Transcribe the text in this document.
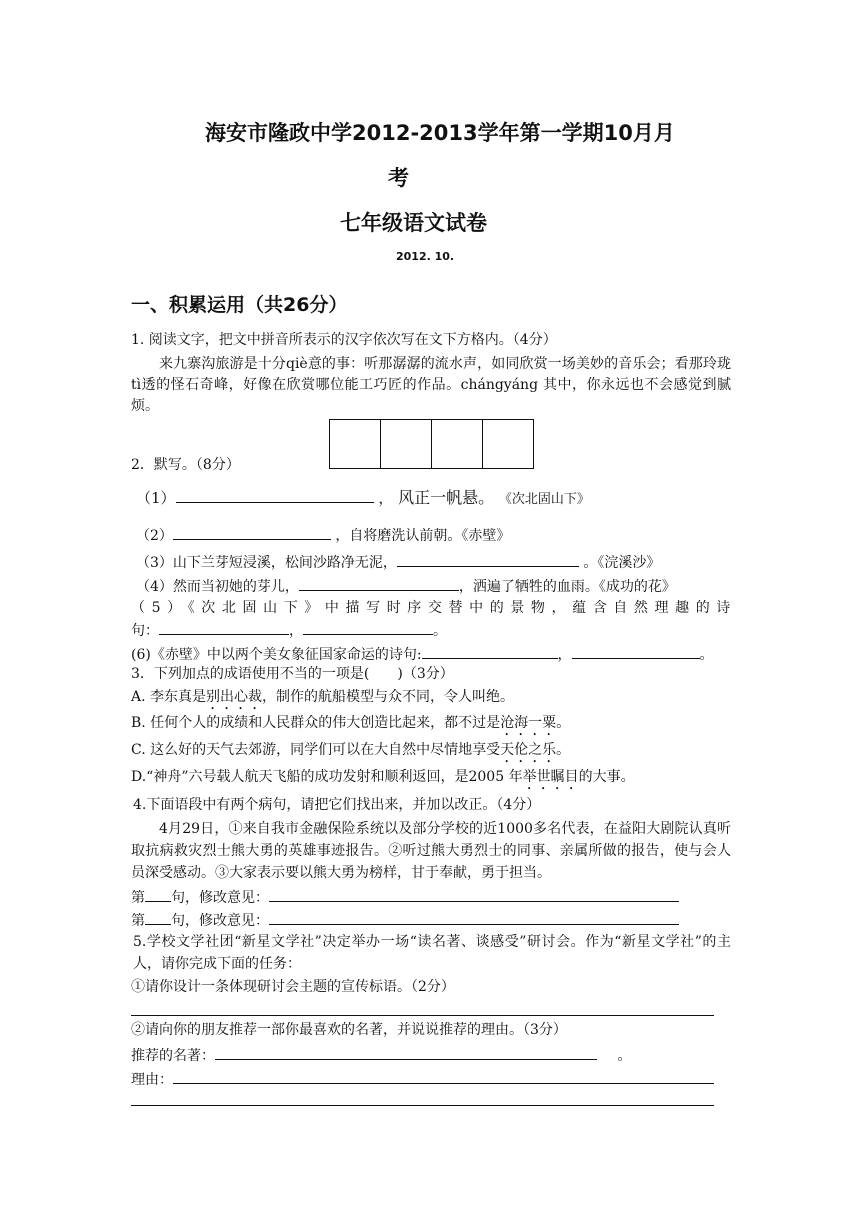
海安市隆政中学2012-2013学年第一学期10月月
考
七年级语文试卷
2012. 10.
一、积累运用（共26分）
1. 阅读文字，把文中拼音所表示的汉字依次写在文下方格内。（4分）
来九寨沟旅游是十分qiè意的事：听那潺潺的流水声，如同欣赏一场美妙的音乐会；看那玲珑tì透的怪石奇峰，好像在欣赏哪位能工巧匠的作品。chángyáng 其中，你永远也不会感觉到腻烦。
2．默写。（8分）
（1）	， 风正一帆悬。 《次北固山下》
（2）	，自将磨洗认前朝。《赤壁》
（3）山下兰芽短浸溪，松间沙路净无泥，	。《浣溪沙》
（4）然而当初她的芽儿，	，洒遍了牺牲的血雨。《成功的花》
（5）《次北固山下》中描写时序交替中的景物，蕴含自然理趣的诗
句：	，	。
(6)《赤壁》中以两个美女象征国家命运的诗句:	，	。
3．下列加点的成语使用不当的一项是(　　)（3分）
A. 李东真是别出心裁，制作的航船模型与众不同，令人叫绝。
B. 任何个人的成绩和人民群众的伟大创造比起来，都不过是沧海一粟。
C. 这么好的天气去郊游，同学们可以在大自然中尽情地享受天伦之乐。
D.“神舟”六号载人航天飞船的成功发射和顺利返回，是2005 年举世瞩目的大事。
4.下面语段中有两个病句，请把它们找出来，并加以改正。（4分）
4月29日，①来自我市金融保险系统以及部分学校的近1000多名代表，在益阳大剧院认真听取抗病救灾烈士熊大勇的英雄事迹报告。②听过熊大勇烈士的同事、亲属所做的报告，使与会人员深受感动。③大家表示要以熊大勇为榜样，甘于奉献，勇于担当。
第 句，修改意见：
第 句，修改意见：
5.学校文学社团“新星文学社”决定举办一场“读名著、谈感受”研讨会。作为“新星文学社”的主人，请你完成下面的任务：
①请你设计一条体现研讨会主题的宣传标语。（2分）
②请向你的朋友推荐一部你最喜欢的名著，并说说推荐的理由。（3分）
推荐的名著：	。
理由：
